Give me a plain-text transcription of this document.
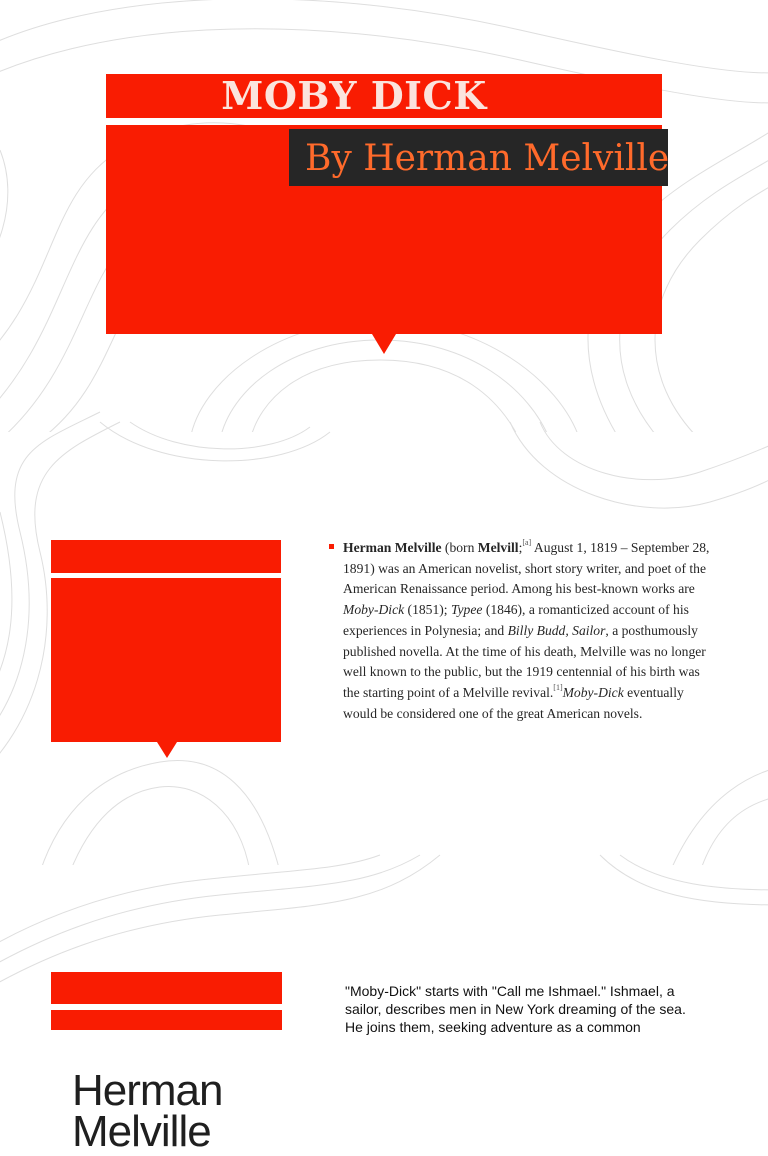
MOBY DICK
By Herman Melville
Herman
Melville
Herman Melville (born Melvill;[a] August 1, 1819 – September 28, 1891) was an American novelist, short story writer, and poet of the American Renaissance period. Among his best-known works are Moby-Dick (1851); Typee (1846), a romanticized account of his experiences in Polynesia; and Billy Budd, Sailor, a posthumously published novella. At the time of his death, Melville was no longer well known to the public, but the 1919 centennial of his birth was the starting point of a Melville revival.[1]Moby-Dick eventually would be considered one of the great American novels.
"Moby-Dick" starts with "Call me Ishmael." Ishmael, a sailor, describes men in New York dreaming of the sea. He joins them, seeking adventure as a common
